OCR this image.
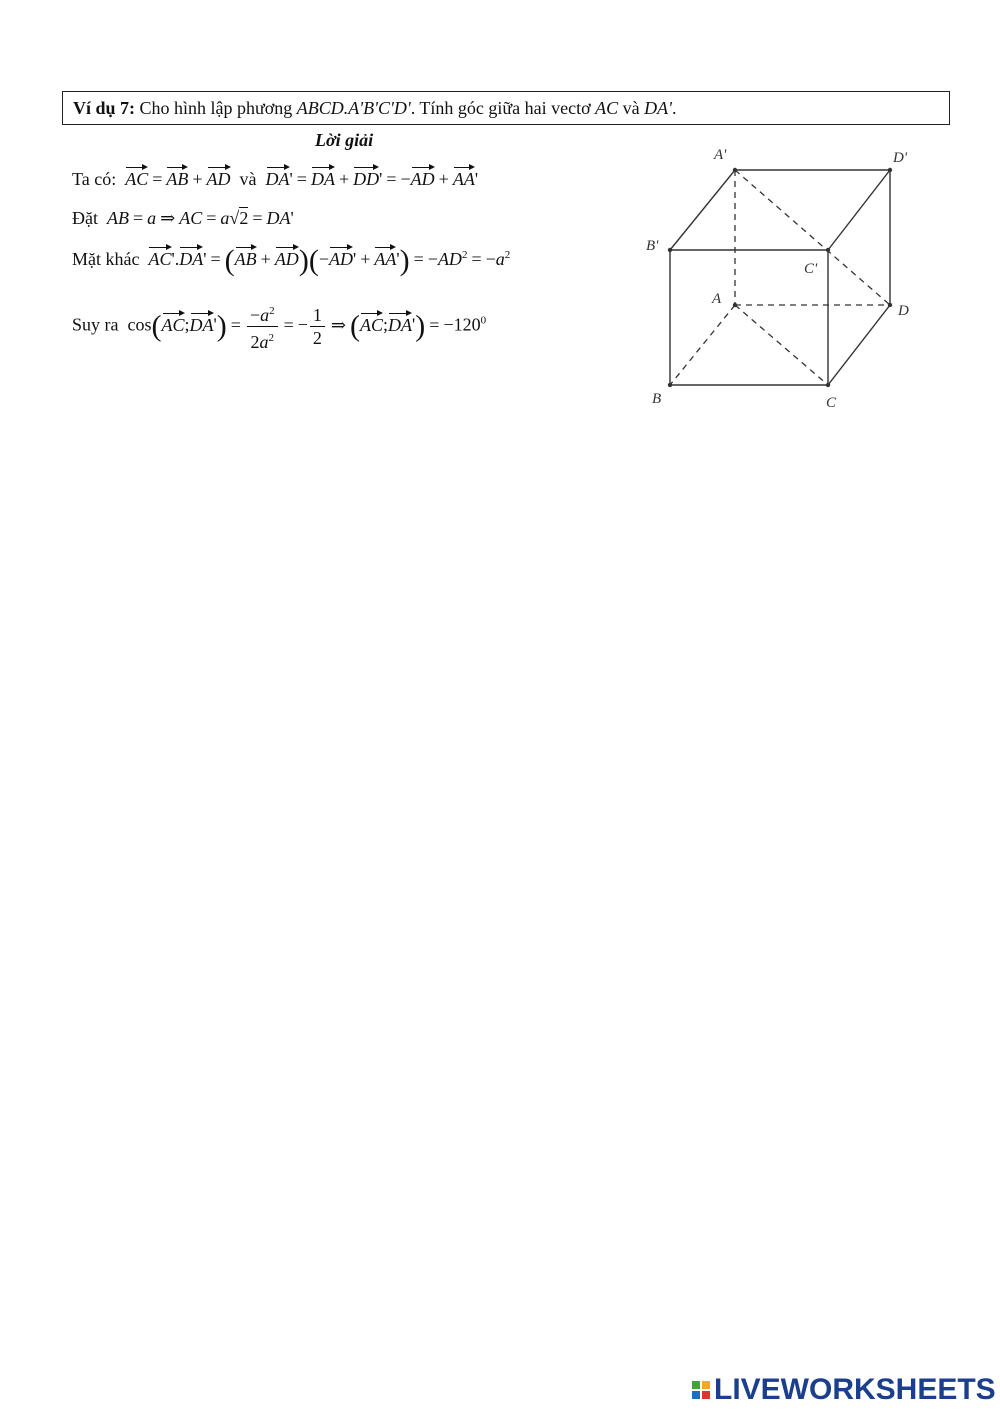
Ví dụ 7: Cho hình lập phương ABCD.A'B'C'D'. Tính góc giữa hai vectơ AC và DA'.
Lời giải
Ta có: AC = AB + AD và DA' = DA + DD' = −AD + AA'
Đặt AB = a ⇒ AC = a√2 = DA'
Mặt khác $AC'.DA' = (AB + AD)(-AD' + AA') = -AD^2 = -a^2$
Suy ra  cos(AC;DA') = $\frac{-a^2}{2a^2}$ = − $\frac{1}{2}$ ⇒ (AC;DA') = $-120^0$
A'	D'
B'
C'
A
D
B	C
LIVEWORKSHEETS
